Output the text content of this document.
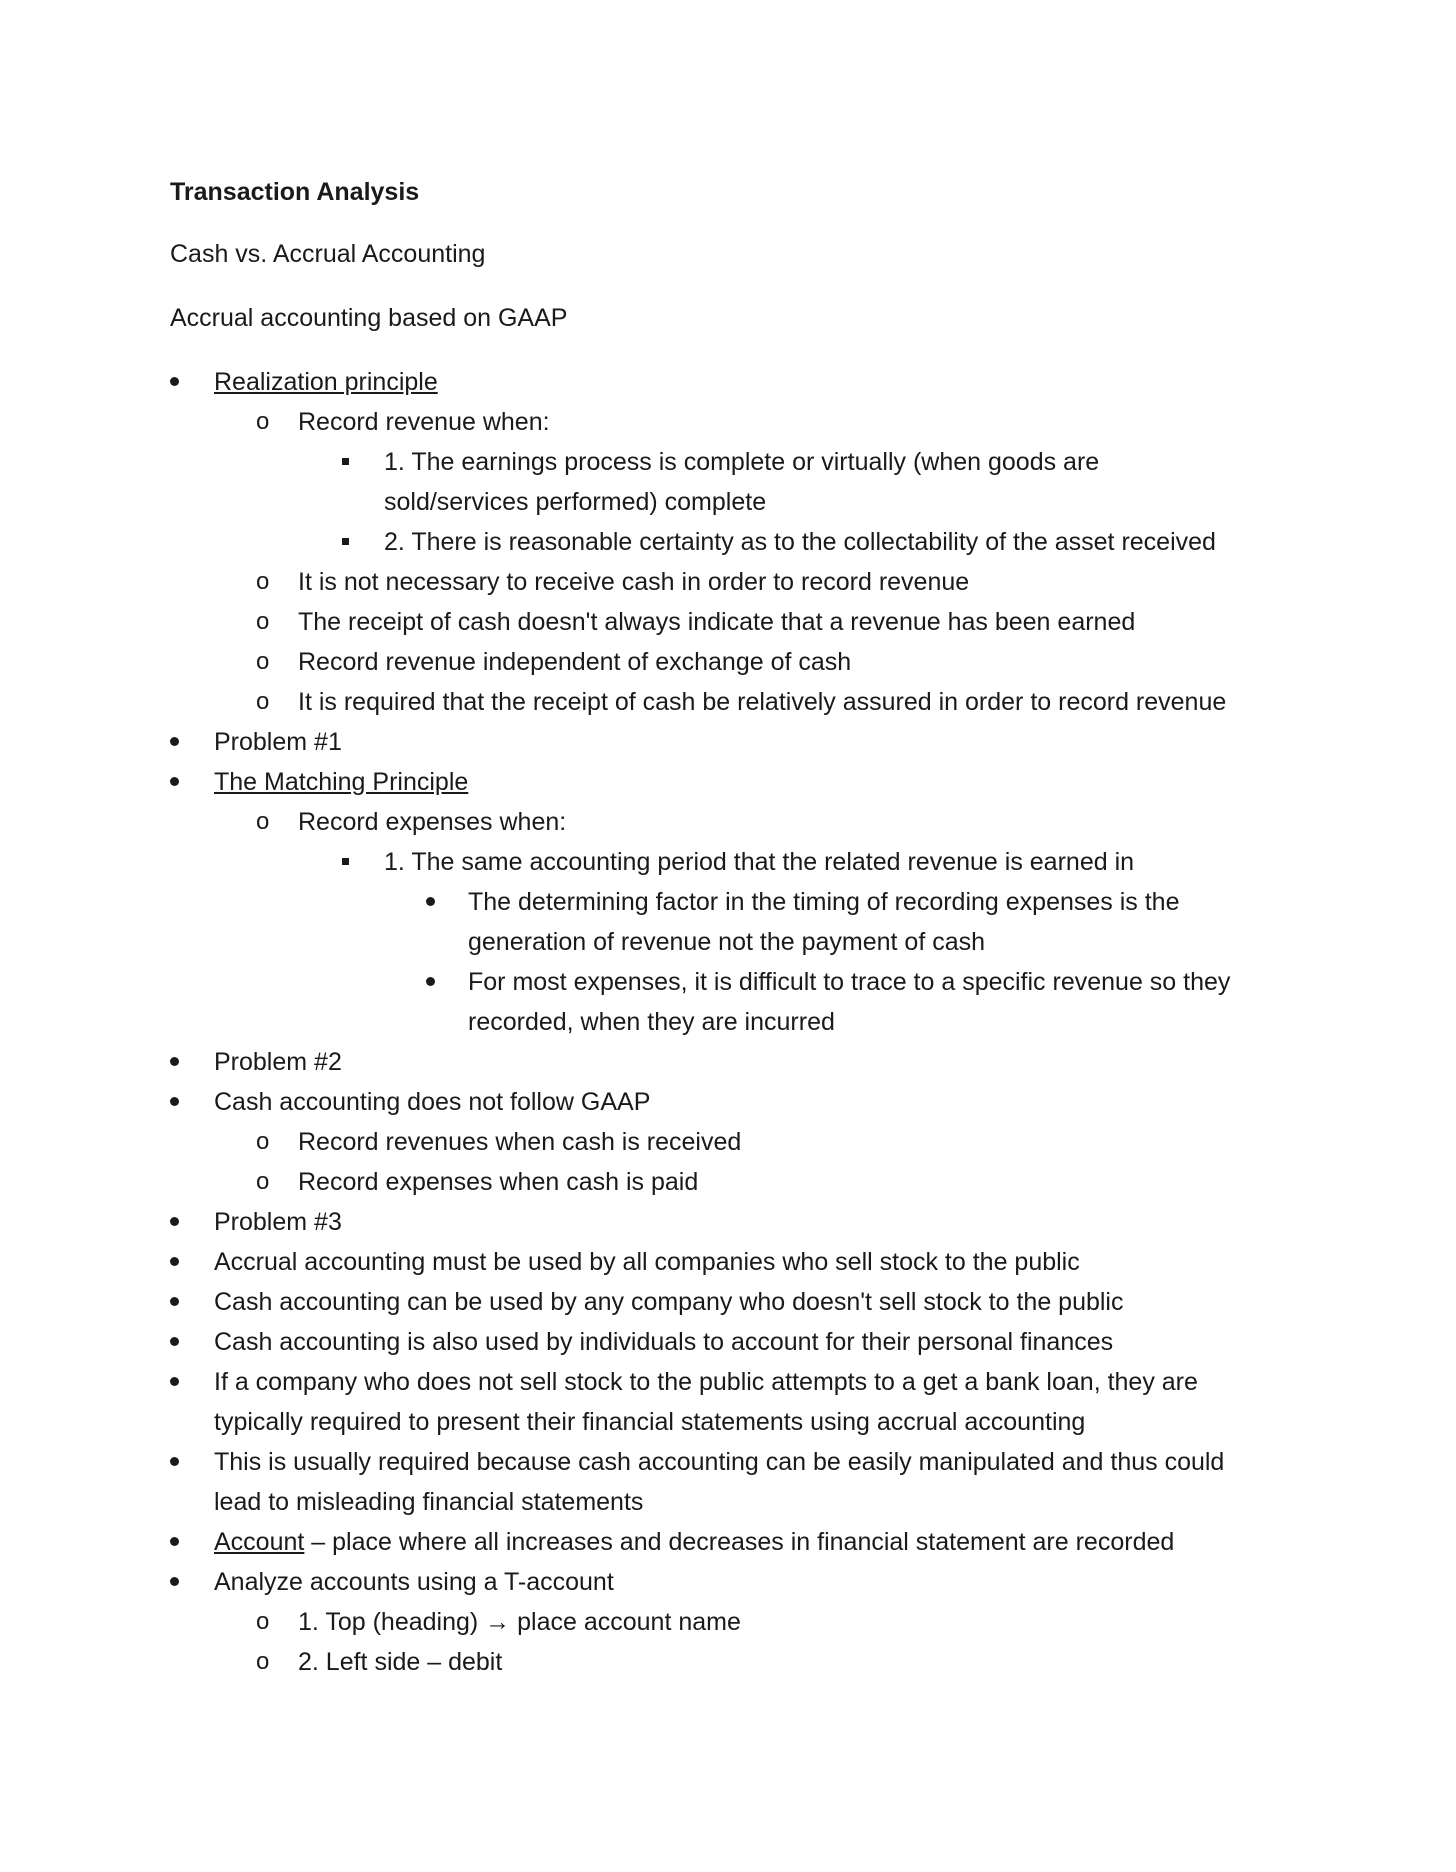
Transaction Analysis
Cash vs. Accrual Accounting
Accrual accounting based on GAAP
Realization principle
o	Record revenue when:
1. The earnings process is complete or virtually (when goods are sold/services performed) complete
2. There is reasonable certainty as to the collectability of the asset received
o	It is not necessary to receive cash in order to record revenue
o	The receipt of cash doesn't always indicate that a revenue has been earned
o	Record revenue independent of exchange of cash
o	It is required that the receipt of cash be relatively assured in order to record revenue
Problem #1
The Matching Principle
o	Record expenses when:
1. The same accounting period that the related revenue is earned in
The determining factor in the timing of recording expenses is the generation of revenue not the payment of cash
For most expenses, it is difficult to trace to a specific revenue so they recorded, when they are incurred
Problem #2
Cash accounting does not follow GAAP
o	Record revenues when cash is received
o	Record expenses when cash is paid
Problem #3
Accrual accounting must be used by all companies who sell stock to the public
Cash accounting can be used by any company who doesn't sell stock to the public
Cash accounting is also used by individuals to account for their personal finances
If a company who does not sell stock to the public attempts to a get a bank loan, they are typically required to present their financial statements using accrual accounting
This is usually required because cash accounting can be easily manipulated and thus could lead to misleading financial statements
Account – place where all increases and decreases in financial statement are recorded
Analyze accounts using a T-account
o	1. Top (heading) → place account name
o	2. Left side – debit
